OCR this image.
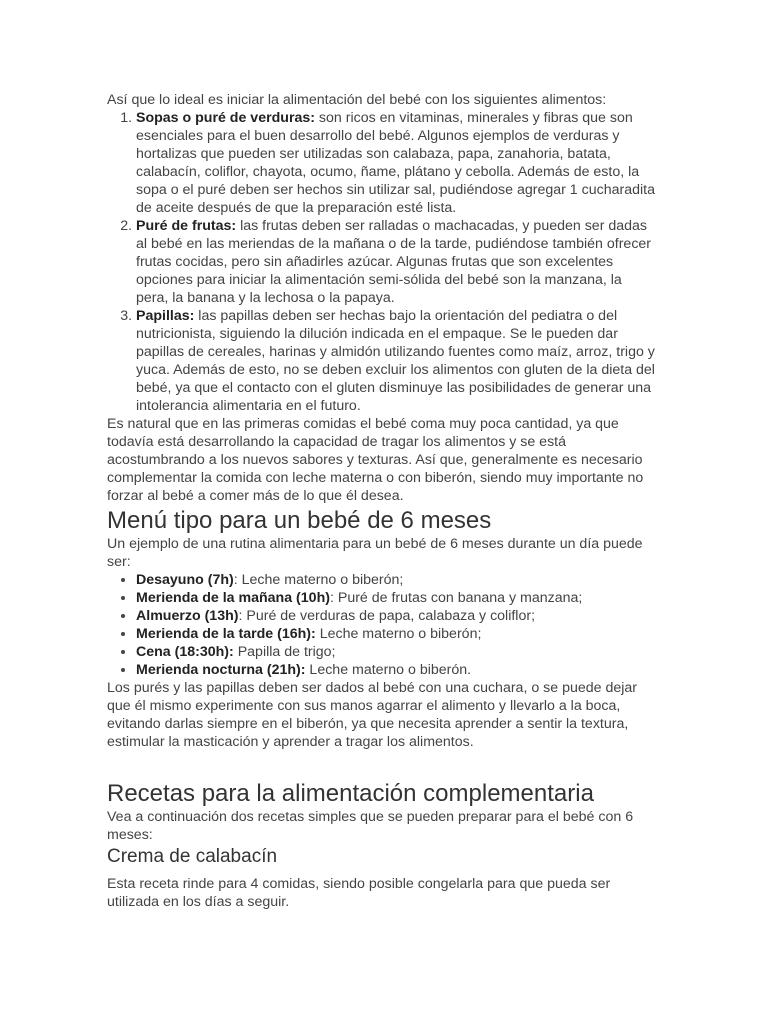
Así que lo ideal es iniciar la alimentación del bebé con los siguientes alimentos:

1. Sopas o puré de verduras: son ricos en vitaminas, minerales y fibras que son esenciales para el buen desarrollo del bebé. Algunos ejemplos de verduras y hortalizas que pueden ser utilizadas son calabaza, papa, zanahoria, batata, calabacín, coliflor, chayota, ocumo, ñame, plátano y cebolla. Además de esto, la sopa o el puré deben ser hechos sin utilizar sal, pudiéndose agregar 1 cucharadita de aceite después de que la preparación esté lista.
2. Puré de frutas: las frutas deben ser ralladas o machacadas, y pueden ser dadas al bebé en las meriendas de la mañana o de la tarde, pudiéndose también ofrecer frutas cocidas, pero sin añadirles azúcar. Algunas frutas que son excelentes opciones para iniciar la alimentación semi-sólida del bebé son la manzana, la pera, la banana y la lechosa o la papaya.
3. Papillas: las papillas deben ser hechas bajo la orientación del pediatra o del nutricionista, siguiendo la dilución indicada en el empaque. Se le pueden dar papillas de cereales, harinas y almidón utilizando fuentes como maíz, arroz, trigo y yuca. Además de esto, no se deben excluir los alimentos con gluten de la dieta del bebé, ya que el contacto con el gluten disminuye las posibilidades de generar una intolerancia alimentaria en el futuro.

Es natural que en las primeras comidas el bebé coma muy poca cantidad, ya que todavía está desarrollando la capacidad de tragar los alimentos y se está acostumbrando a los nuevos sabores y texturas. Así que, generalmente es necesario complementar la comida con leche materna o con biberón, siendo muy importante no forzar al bebé a comer más de lo que él desea.

Menú tipo para un bebé de 6 meses

Un ejemplo de una rutina alimentaria para un bebé de 6 meses durante un día puede ser:

• Desayuno (7h): Leche materno o biberón;
• Merienda de la mañana (10h): Puré de frutas con banana y manzana;
• Almuerzo (13h): Puré de verduras de papa, calabaza y coliflor;
• Merienda de la tarde (16h): Leche materno o biberón;
• Cena (18:30h): Papilla de trigo;
• Merienda nocturna (21h): Leche materno o biberón.

Los purés y las papillas deben ser dados al bebé con una cuchara, o se puede dejar que él mismo experimente con sus manos agarrar el alimento y llevarlo a la boca, evitando darlas siempre en el biberón, ya que necesita aprender a sentir la textura, estimular la masticación y aprender a tragar los alimentos.

Recetas para la alimentación complementaria

Vea a continuación dos recetas simples que se pueden preparar para el bebé con 6 meses:

Crema de calabacín

Esta receta rinde para 4 comidas, siendo posible congelarla para que pueda ser utilizada en los días a seguir.
